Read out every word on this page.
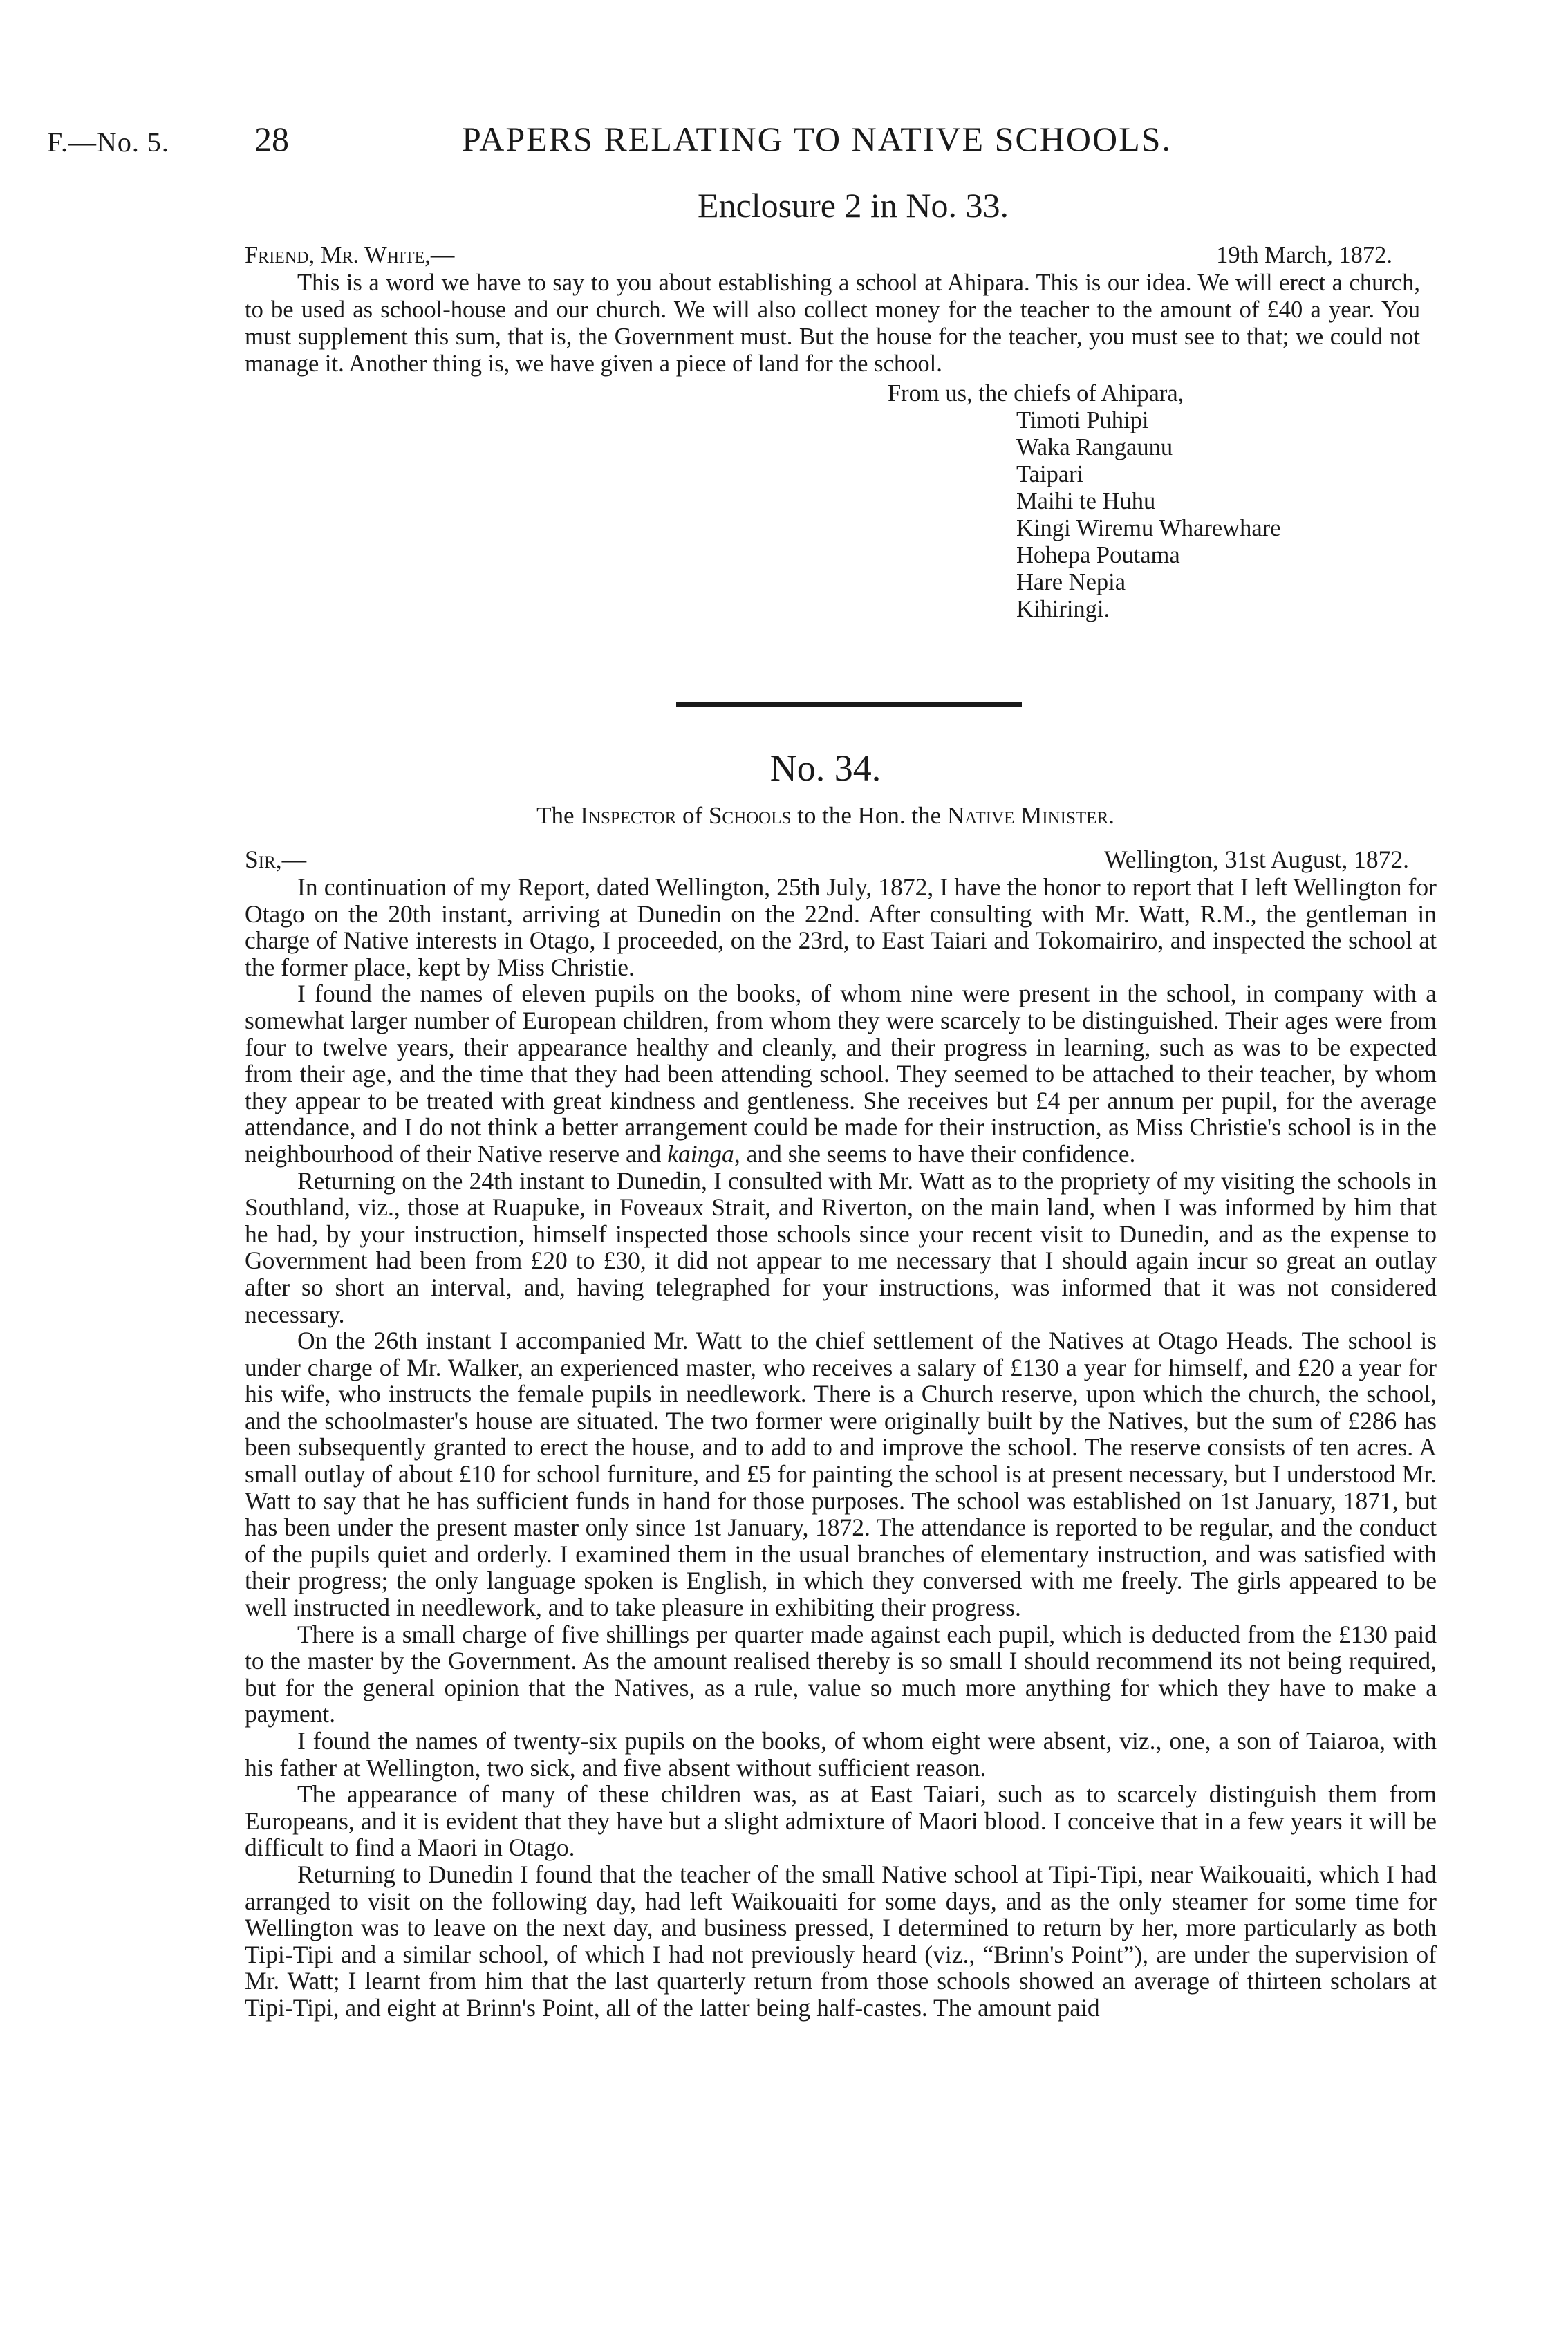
F.—No. 5. 28	PAPERS RELATING TO NATIVE SCHOOLS.
Enclosure 2 in No. 33.
Friend, Mr. White,—	19th March, 1872.

This is a word we have to say to you about establishing a school at Ahipara. This is our idea. We will erect a church, to be used as school-house and our church. We will also collect money for the teacher to the amount of £40 a year. You must supplement this sum, that is, the Government must. But the house for the teacher, you must see to that; we could not manage it. Another thing is, we have given a piece of land for the school.

From us, the chiefs of Ahipara,
Timoti Puhipi
Waka Rangaunu
Taipari
Maihi te Huhu
Kingi Wiremu Wharewhare
Hohepa Poutama
Hare Nepia
Kihiringi.
No. 34.
The Inspector of Schools to the Hon. the Native Minister.
Sir,—	Wellington, 31st August, 1872.

In continuation of my Report, dated Wellington, 25th July, 1872, I have the honor to report that I left Wellington for Otago on the 20th instant, arriving at Dunedin on the 22nd. After consulting with Mr. Watt, R.M., the gentleman in charge of Native interests in Otago, I proceeded, on the 23rd, to East Taiari and Tokomairiro, and inspected the school at the former place, kept by Miss Christie.

I found the names of eleven pupils on the books, of whom nine were present in the school, in company with a somewhat larger number of European children, from whom they were scarcely to be distinguished. Their ages were from four to twelve years, their appearance healthy and cleanly, and their progress in learning, such as was to be expected from their age, and the time that they had been attending school. They seemed to be attached to their teacher, by whom they appear to be treated with great kindness and gentleness. She receives but £4 per annum per pupil, for the average attendance, and I do not think a better arrangement could be made for their instruction, as Miss Christie's school is in the neighbourhood of their Native reserve and kainga, and she seems to have their confidence.

Returning on the 24th instant to Dunedin, I consulted with Mr. Watt as to the propriety of my visiting the schools in Southland, viz., those at Ruapuke, in Foveaux Strait, and Riverton, on the main land, when I was informed by him that he had, by your instruction, himself inspected those schools since your recent visit to Dunedin, and as the expense to Government had been from £20 to £30, it did not appear to me necessary that I should again incur so great an outlay after so short an interval, and, having telegraphed for your instructions, was informed that it was not considered necessary.

On the 26th instant I accompanied Mr. Watt to the chief settlement of the Natives at Otago Heads. The school is under charge of Mr. Walker, an experienced master, who receives a salary of £130 a year for himself, and £20 a year for his wife, who instructs the female pupils in needlework. There is a Church reserve, upon which the church, the school, and the schoolmaster's house are situated. The two former were originally built by the Natives, but the sum of £286 has been subsequently granted to erect the house, and to add to and improve the school. The reserve consists of ten acres. A small outlay of about £10 for school furniture, and £5 for painting the school is at present necessary, but I understood Mr. Watt to say that he has sufficient funds in hand for those purposes. The school was established on 1st January, 1871, but has been under the present master only since 1st January, 1872. The attendance is reported to be regular, and the conduct of the pupils quiet and orderly. I examined them in the usual branches of elementary instruction, and was satisfied with their progress; the only language spoken is English, in which they conversed with me freely. The girls appeared to be well instructed in needlework, and to take pleasure in exhibiting their progress.

There is a small charge of five shillings per quarter made against each pupil, which is deducted from the £130 paid to the master by the Government. As the amount realised thereby is so small I should recommend its not being required, but for the general opinion that the Natives, as a rule, value so much more anything for which they have to make a payment.

I found the names of twenty-six pupils on the books, of whom eight were absent, viz., one, a son of Taiaroa, with his father at Wellington, two sick, and five absent without sufficient reason.

The appearance of many of these children was, as at East Taiari, such as to scarcely distinguish them from Europeans, and it is evident that they have but a slight admixture of Maori blood. I conceive that in a few years it will be difficult to find a Maori in Otago.

Returning to Dunedin I found that the teacher of the small Native school at Tipi-Tipi, near Waikouaiti, which I had arranged to visit on the following day, had left Waikouaiti for some days, and as the only steamer for some time for Wellington was to leave on the next day, and business pressed, I determined to return by her, more particularly as both Tipi-Tipi and a similar school, of which I had not previously heard (viz., “Brinn's Point”), are under the supervision of Mr. Watt; I learnt from him that the last quarterly return from those schools showed an average of thirteen scholars at Tipi-Tipi, and eight at Brinn's Point, all of the latter being half-castes. The amount paid
